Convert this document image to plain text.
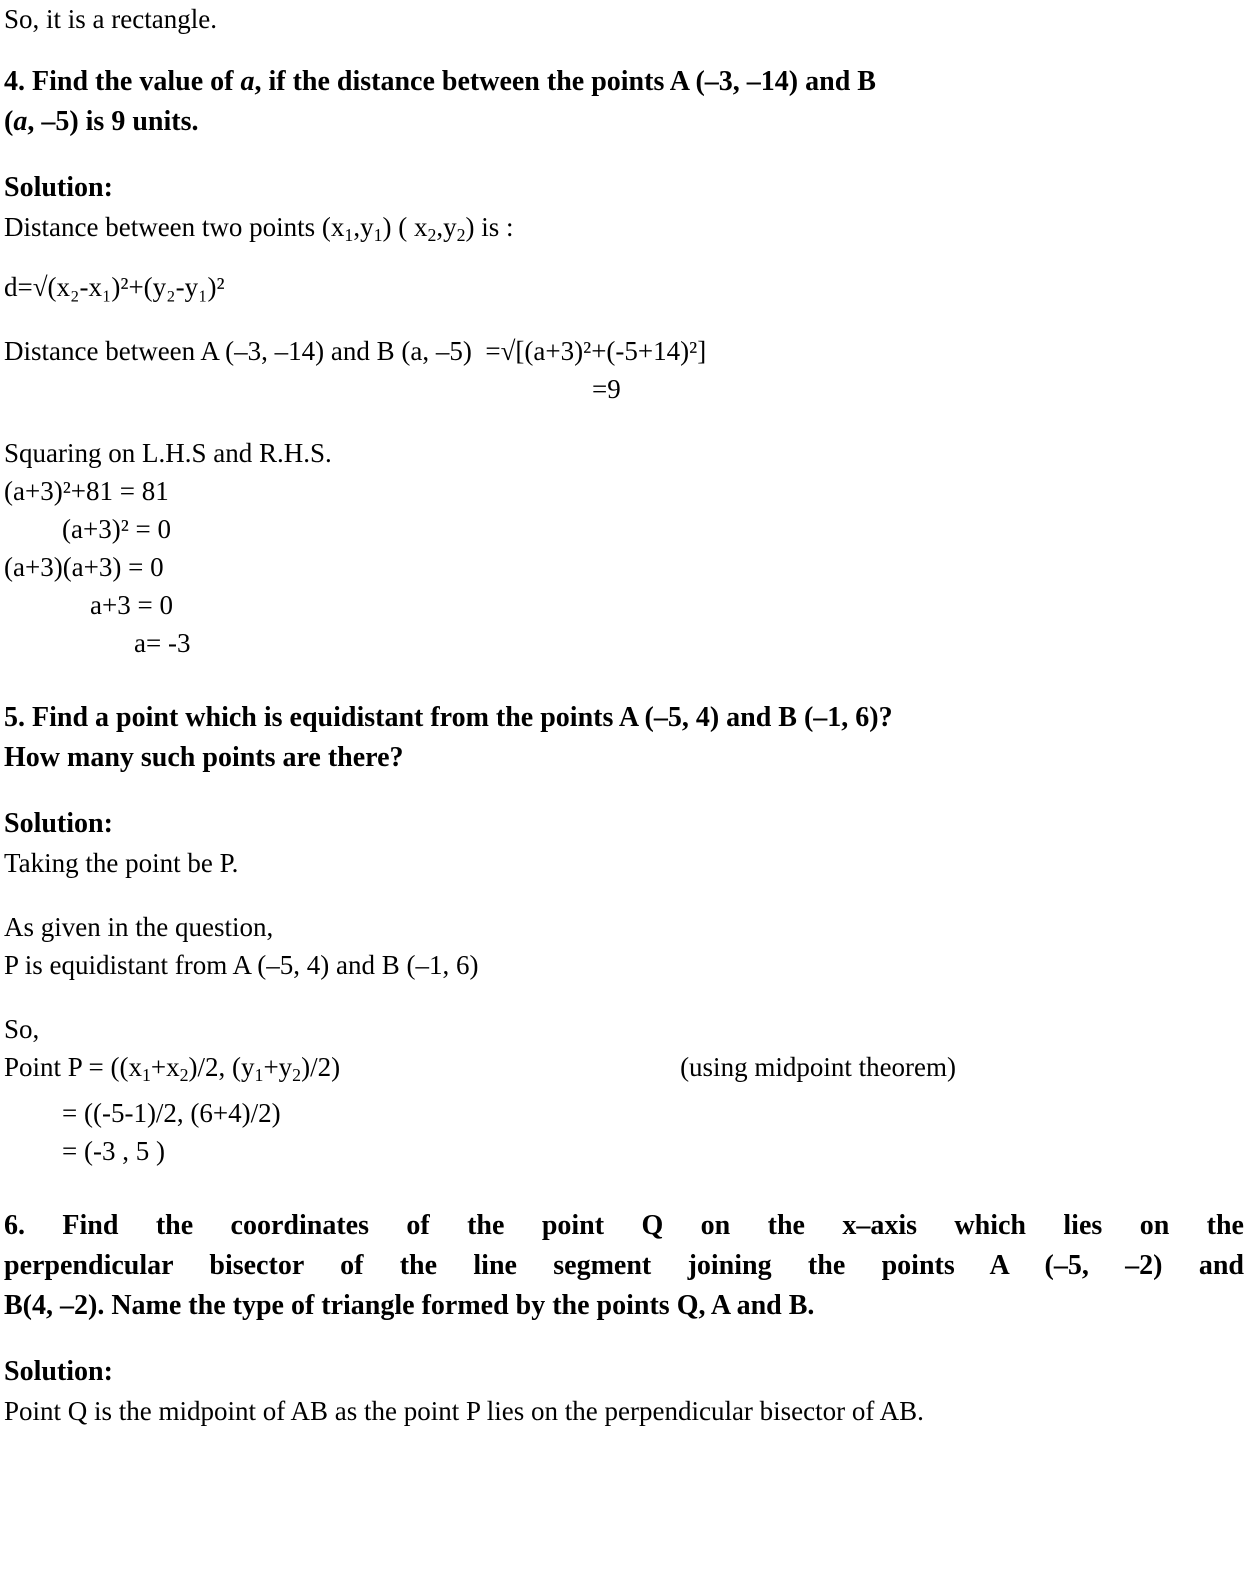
So, it is a rectangle.
4. Find the value of a, if the distance between the points A (–3, –14) and B
(a, –5) is 9 units.
Solution:
Distance between two points $(x_1,y_1)$ ( $x_2,y_2$) is :
d=√(x₂-x₁)²+(y₂-y₁)²
Distance between A (–3, –14) and B (a, –5)  =√[(a+3)²+(-5+14)²]
=9
Squaring on L.H.S and R.H.S.
(a+3)²+81 = 81
(a+3)² = 0
(a+3)(a+3) = 0
a+3 = 0
a= -3
5. Find a point which is equidistant from the points A (–5, 4) and B (–1, 6)?
How many such points are there?
Solution:
Taking the point be P.
As given in the question,
P is equidistant from A (–5, 4) and B (–1, 6)
So,
Point $P = ((x_1+x_2)/2$, $(y_1+y_2)/2$)	(using midpoint theorem)
= ((-5-1)/2, (6+4)/2)
= (-3 , 5 )
6. Find the coordinates of the point Q on the x–axis which lies on the
perpendicular bisector of the line segment joining the points A (–5, –2) and
B(4, –2). Name the type of triangle formed by the points Q, A and B.
Solution:
Point Q is the midpoint of AB as the point P lies on the perpendicular bisector of AB.
